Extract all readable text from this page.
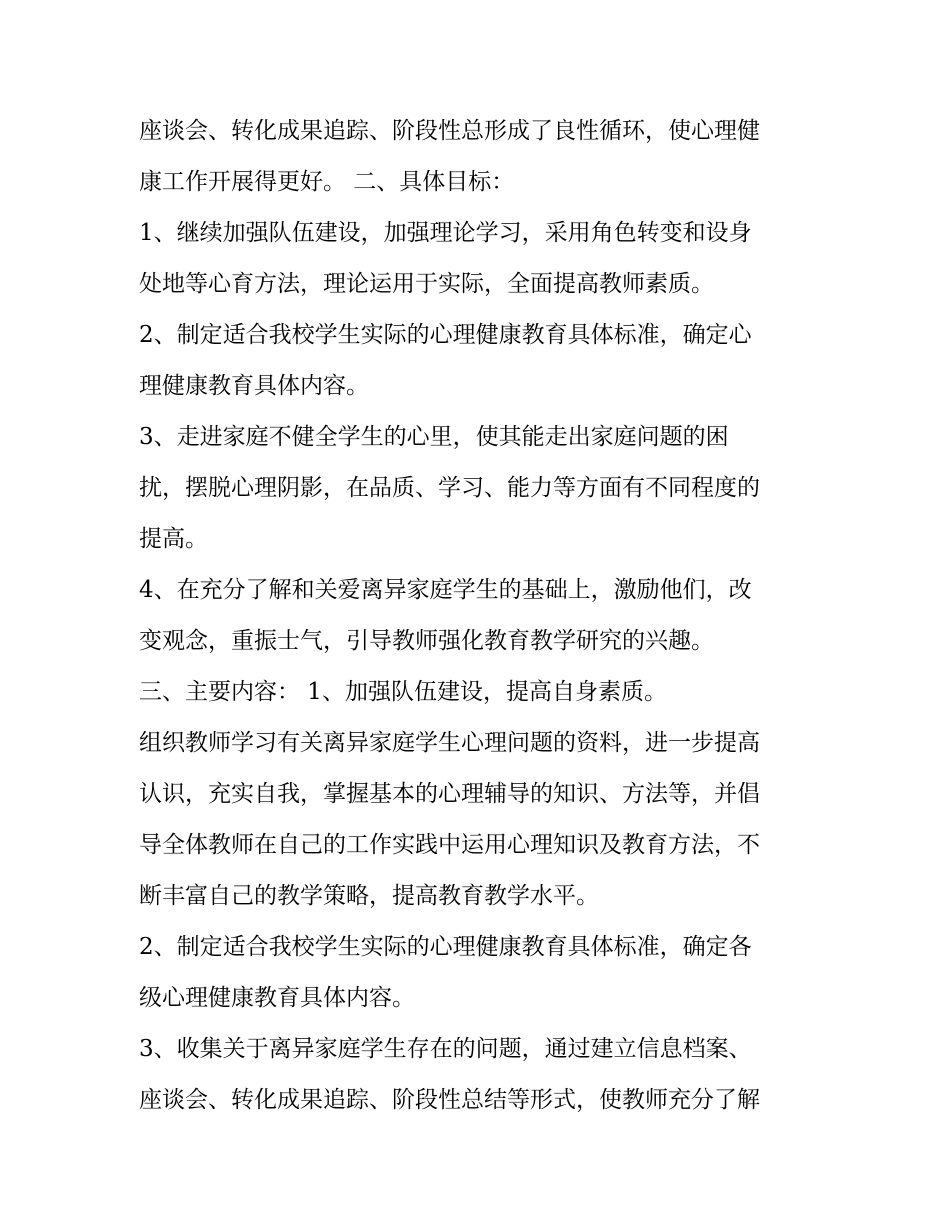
座谈会、转化成果追踪、阶段性总形成了良性循环，使心理健
康工作开展得更好。 二、具体目标：
1、继续加强队伍建设，加强理论学习，采用角色转变和设身
处地等心育方法，理论运用于实际，全面提高教师素质。
2、制定适合我校学生实际的心理健康教育具体标准，确定心
理健康教育具体内容。
3、走进家庭不健全学生的心里，使其能走出家庭问题的困
扰，摆脱心理阴影，在品质、学习、能力等方面有不同程度的
提高。
4、在充分了解和关爱离异家庭学生的基础上，激励他们，改
变观念，重振士气，引导教师强化教育教学研究的兴趣。
三、主要内容： 1、加强队伍建设，提高自身素质。
组织教师学习有关离异家庭学生心理问题的资料，进一步提高
认识，充实自我，掌握基本的心理辅导的知识、方法等，并倡
导全体教师在自己的工作实践中运用心理知识及教育方法，不
断丰富自己的教学策略，提高教育教学水平。
2、制定适合我校学生实际的心理健康教育具体标准，确定各
级心理健康教育具体内容。
3、收集关于离异家庭学生存在的问题，通过建立信息档案、
座谈会、转化成果追踪、阶段性总结等形式，使教师充分了解
